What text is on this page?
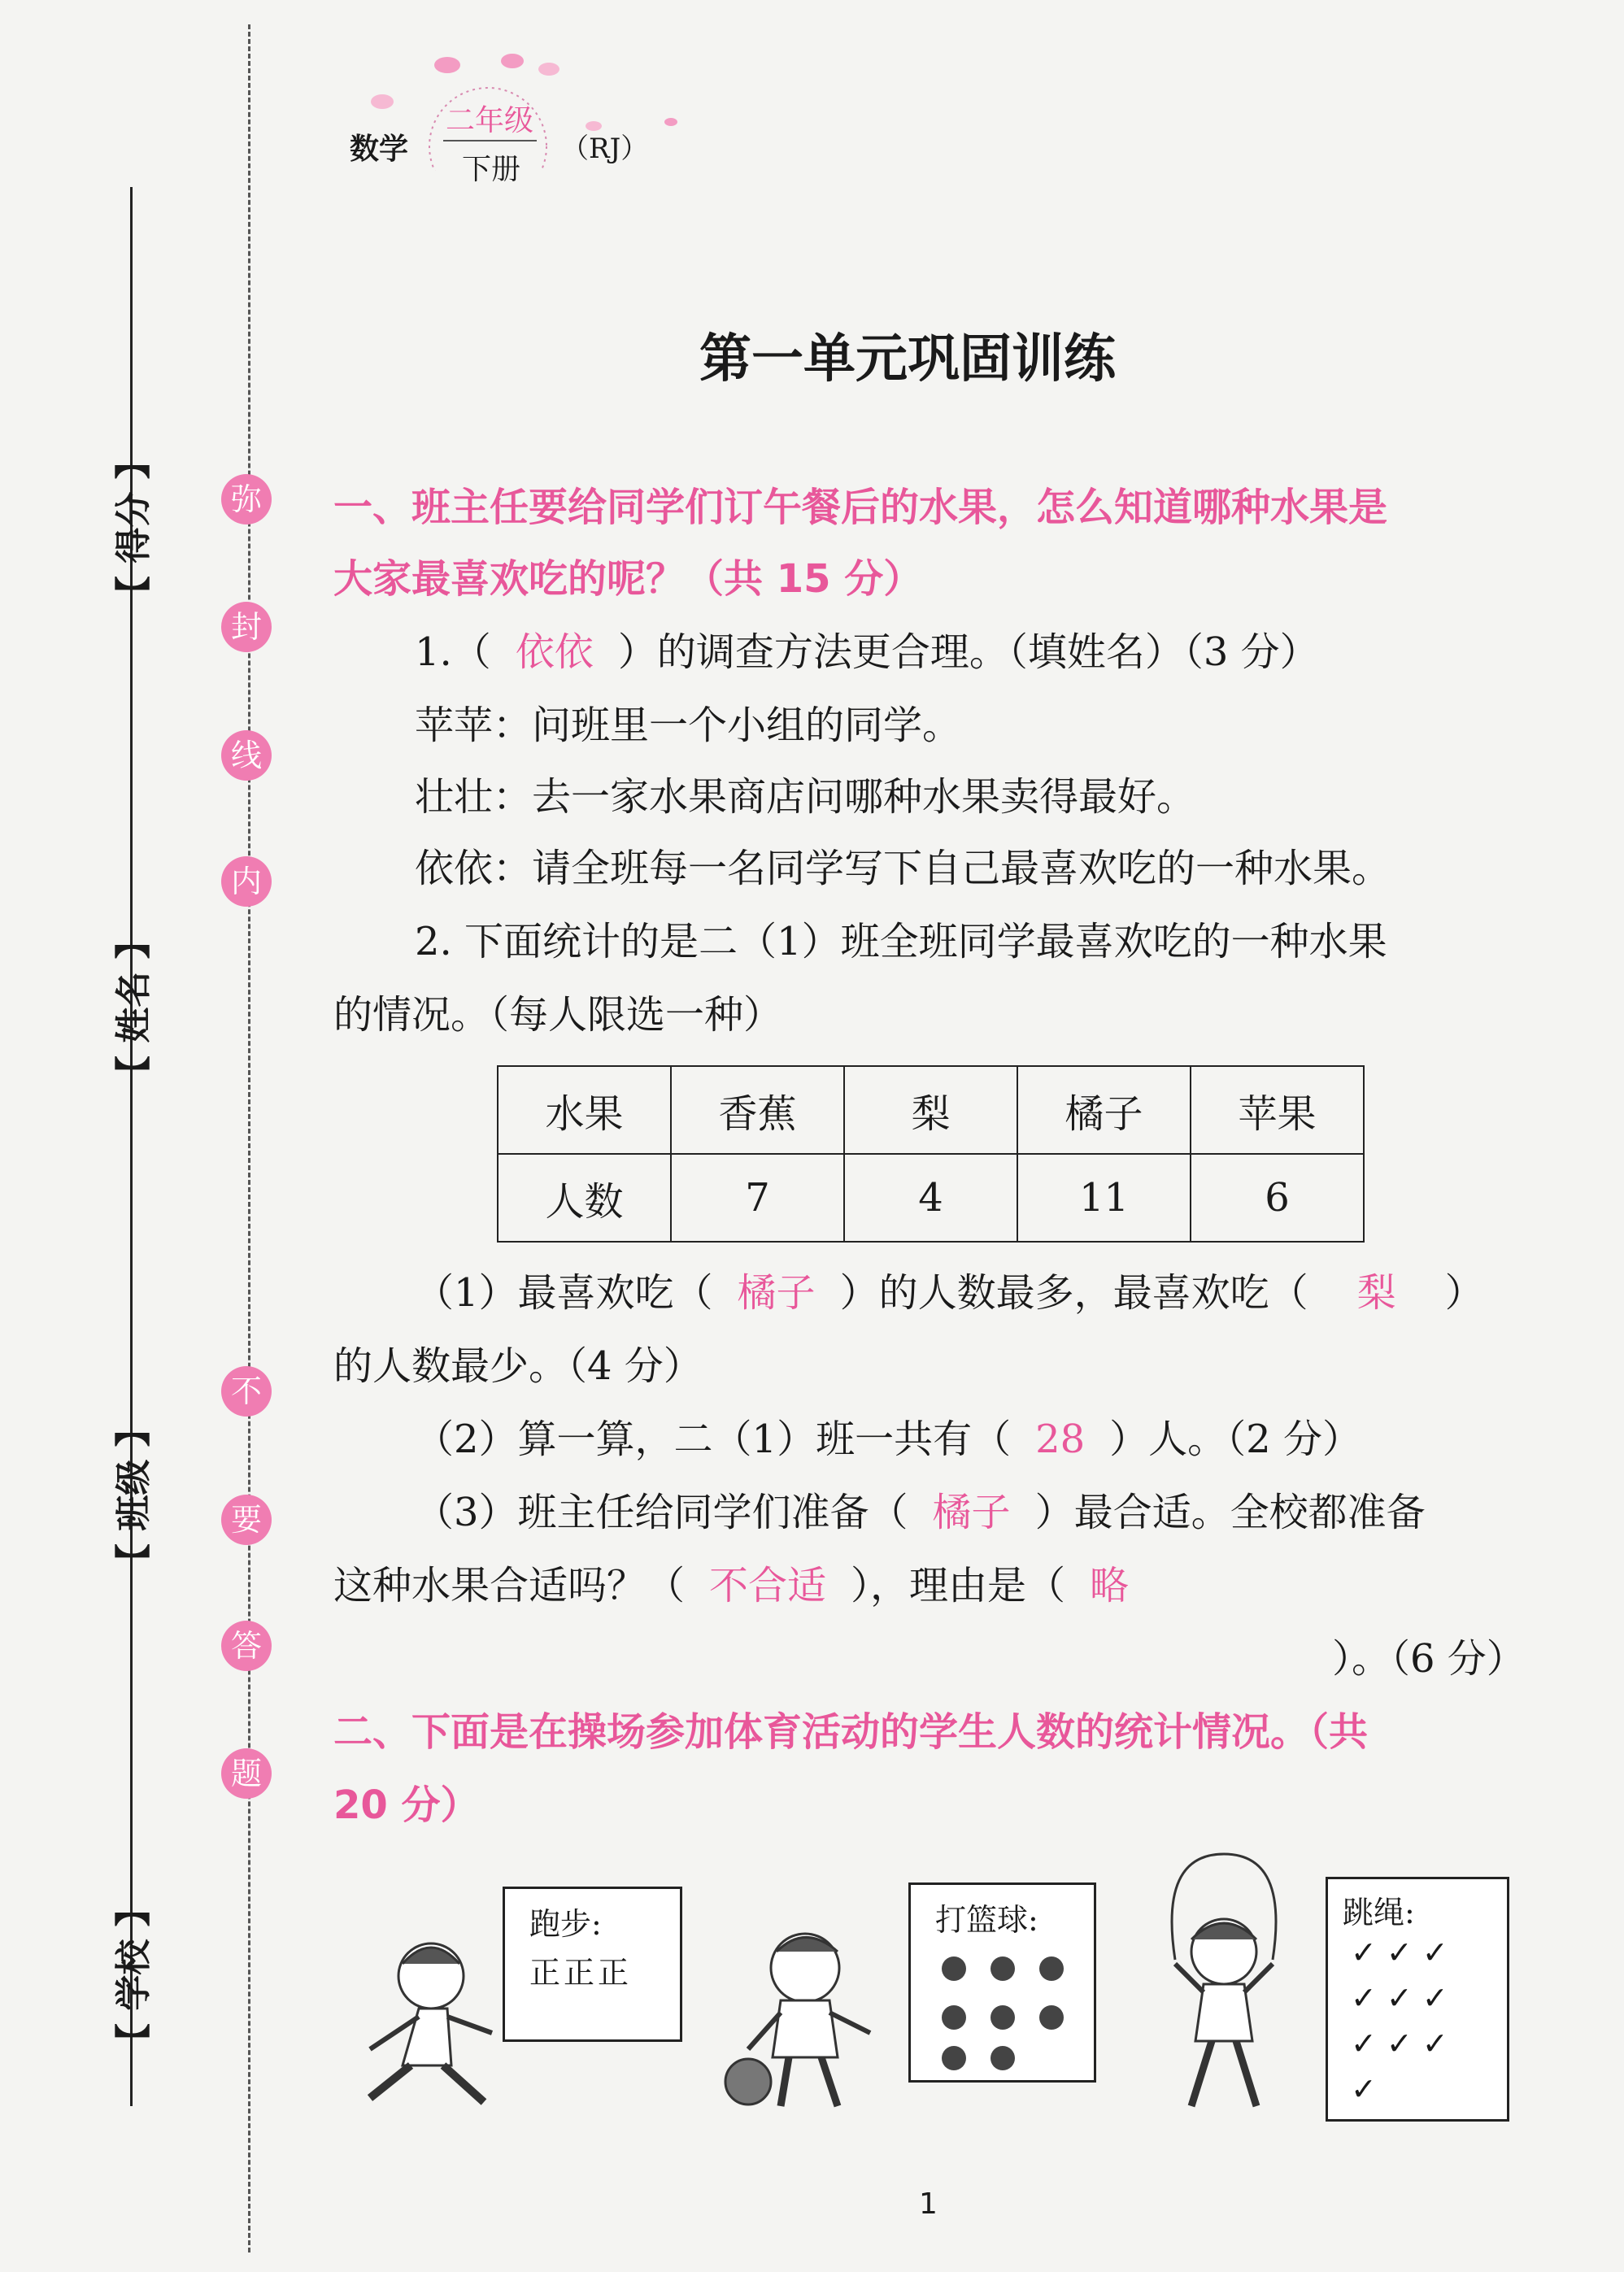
【 得分 】
【 姓名 】
【 班级 】
【 学校 】
弥
封
线
内
不
要
答
题
数学
二年级
下册
（RJ）
第一单元巩固训练
一、班主任要给同学们订午餐后的水果，怎么知道哪种水果是
大家最喜欢吃的呢？（共 15 分）
1.（ 依依 ）的调查方法更合理。（填姓名）（3 分）
苹苹：问班里一个小组的同学。
壮壮：去一家水果商店问哪种水果卖得最好。
依依：请全班每一名同学写下自己最喜欢吃的一种水果。
2. 下面统计的是二（1）班全班同学最喜欢吃的一种水果
的情况。（每人限选一种）
水果	香蕉	梨	橘子	苹果
人数	7	4	11	6
（1）最喜欢吃（ 橘子 ）的人数最多，最喜欢吃（ 梨 ）
的人数最少。（4 分）
（2）算一算，二（1）班一共有（ 28 ）人。（2 分）
（3）班主任给同学们准备（ 橘子 ）最合适。全校都准备
这种水果合适吗？（ 不合适 ），理由是（ 略
）。（6 分）
二、下面是在操场参加体育活动的学生人数的统计情况。（共
20 分）
跑步:
正正正
打篮球:	跳绳:
✓ ✓ ✓
✓ ✓ ✓
✓ ✓ ✓
✓
1
